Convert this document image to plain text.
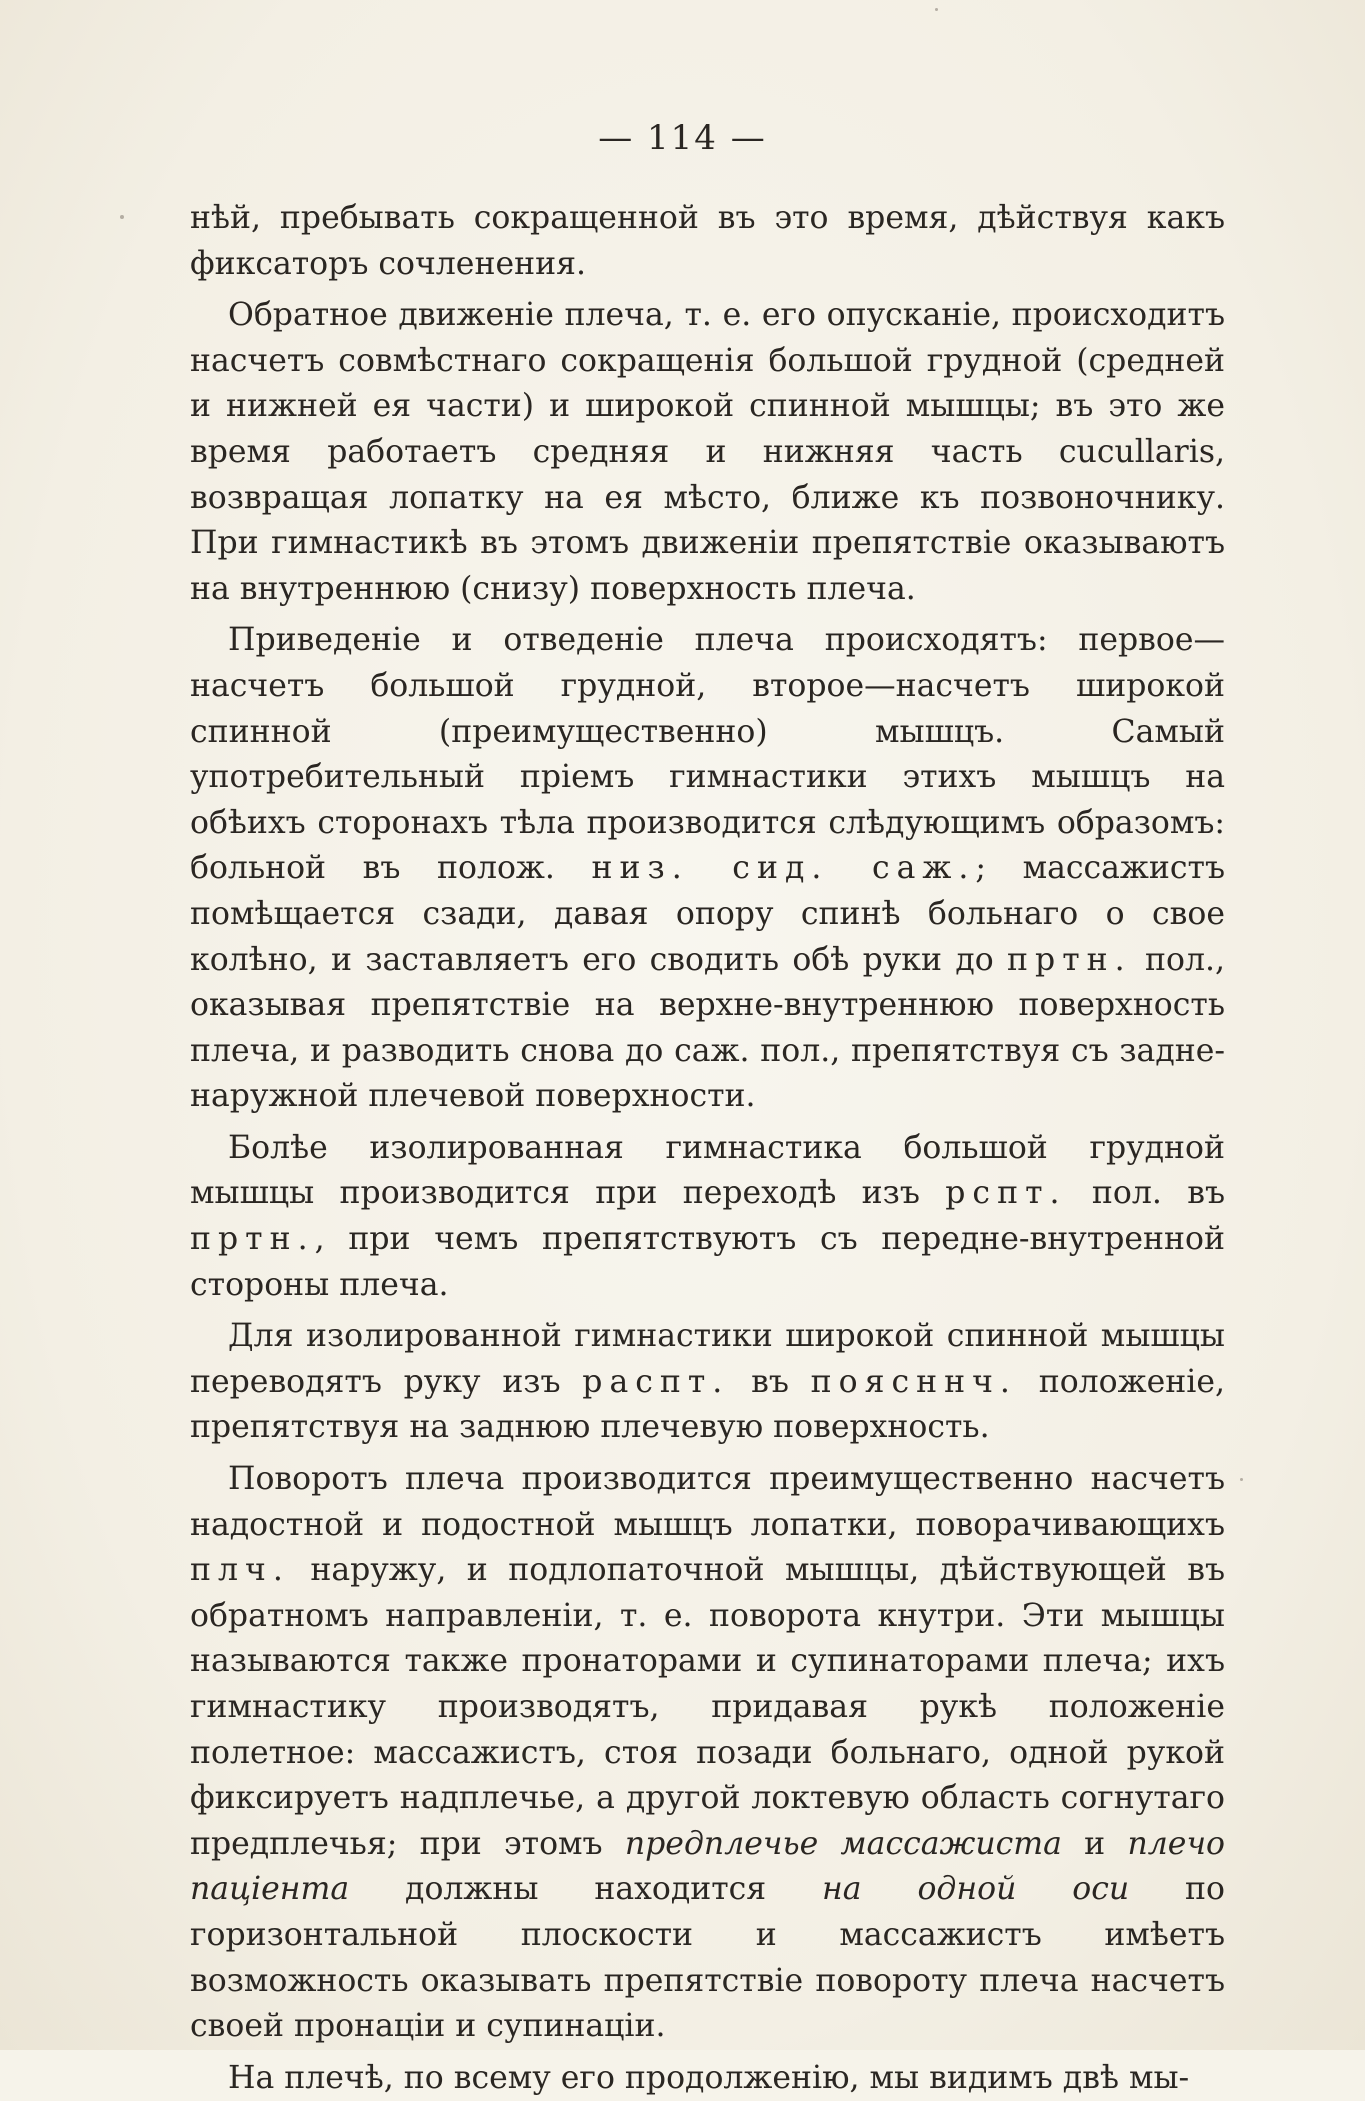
— 114 —

нѣй, пребывать сокращенной въ это время, дѣйствуя какъ фиксаторъ сочленения.

Обратное движенiе плеча, т. е. его опусканiе, происходитъ насчетъ совмѣстнаго сокращенiя большой грудной (средней и нижней ея части) и широкой спинной мышцы; въ это же время работаетъ средняя и нижняя часть cucullaris, возвращая лопатку на ея мѣсто, ближе къ позвоночнику. При гимнастикѣ въ этомъ движенiи препятствiе оказываютъ на внутреннюю (снизу) поверхность плеча.

Приведенiе и отведенiе плеча происходятъ: первое—насчетъ большой грудной, второе—насчетъ широкой спинной (преимущественно) мышцъ. Самый употребительный прiемъ гимнастики этихъ мышцъ на обѣихъ сторонахъ тѣла производится слѣдующимъ образомъ: больной въ полож. низ. сид. саж.; массажистъ помѣщается сзади, давая опору спинѣ больнаго о свое колѣно, и заставляетъ его сводить обѣ руки до пртн. пол., оказывая препятствiе на верхне-внутреннюю поверхность плеча, и разводить снова до саж. пол., препятствуя съ задне-наружной плечевой поверхности.

Болѣе изолированная гимнастика большой грудной мышцы производится при переходѣ изъ рспт. пол. въ пртн., при чемъ препятствуютъ съ передне-внутренной стороны плеча.

Для изолированной гимнастики широкой спинной мышцы переводятъ руку изъ рaспт. въ поясннч. положенiе, препятствуя на заднюю плечевую поверхность.

Поворотъ плеча производится преимущественно насчетъ надостной и подостной мышцъ лопатки, поворачивающихъ плч. наружу, и подлопаточной мышцы, дѣйствующей въ обратномъ направленiи, т. е. поворота кнутри. Эти мышцы называются также пронаторами и супинаторами плеча; ихъ гимнастику производятъ, придавая рукѣ положенiе полетное: массажистъ, стоя позади больнаго, одной рукой фиксируетъ надплечье, а другой локтевую область согнутаго предплечья; при этомъ предплечье массажиста и плечо пацiента должны находится на одной оси по горизонтальной плоскости и массажистъ имѣетъ возможность оказывать препятствiе повороту плеча насчетъ своей пронацiи и супинацiи.

На плечѣ, по всему его продолженiю, мы видимъ двѣ мы-
